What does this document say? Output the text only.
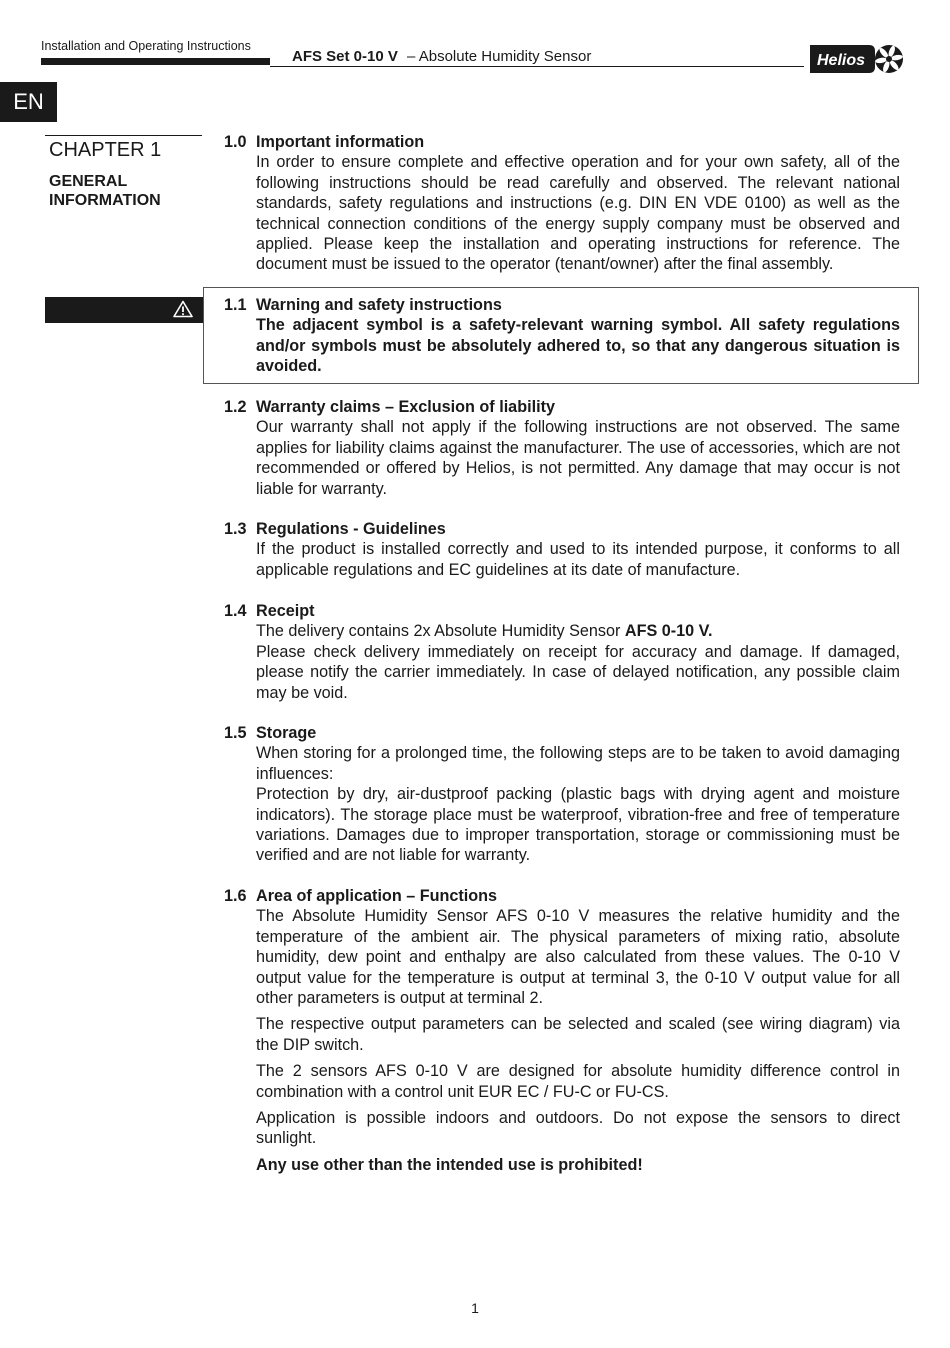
Installation and Operating Instructions
AFS Set 0-10 V – Absolute Humidity Sensor	Helios
EN
CHAPTER 1
GENERAL INFORMATION
1.0 Important information

In order to ensure complete and effective operation and for your own safety, all of the following instructions should be read carefully and observed. The relevant national standards, safety regulations and instructions (e.g. DIN EN VDE 0100) as well as the technical connection conditions of the energy supply company must be observed and applied. Please keep the installation and operating instructions for reference. The document must be issued to the operator (tenant/owner) after the final assembly.

1.1 Warning and safety instructions

The adjacent symbol is a safety-relevant warning symbol. All safety regulations and/or symbols must be absolutely adhered to, so that any dangerous situation is avoided.

1.2 Warranty claims – Exclusion of liability

Our warranty shall not apply if the following instructions are not observed. The same applies for liability claims against the manufacturer. The use of accessories, which are not recommended or offered by Helios, is not permitted. Any damage that may occur is not liable for warranty.

1.3 Regulations - Guidelines

If the product is installed correctly and used to its intended purpose, it conforms to all applicable regulations and EC guidelines at its date of manufacture.

1.4 Receipt

The delivery contains 2x Absolute Humidity Sensor AFS 0-10 V.

Please check delivery immediately on receipt for accuracy and damage. If damaged, please notify the carrier immediately. In case of delayed notification, any possible claim may be void.

1.5 Storage

When storing for a prolonged time, the following steps are to be taken to avoid damaging influences:

Protection by dry, air-dustproof packing (plastic bags with drying agent and moisture indicators). The storage place must be waterproof, vibration-free and free of temperature variations. Damages due to improper transportation, storage or commissioning must be verified and are not liable for warranty.

1.6 Area of application – Functions

The Absolute Humidity Sensor AFS 0-10 V measures the relative humidity and the temperature of the ambient air. The physical parameters of mixing ratio, absolute humidity, dew point and enthalpy are also calculated from these values. The 0-10 V output value for the temperature is output at terminal 3, the 0-10 V output value for all other parameters is output at terminal 2.

The respective output parameters can be selected and scaled (see wiring diagram) via the DIP switch.

The 2 sensors AFS 0-10 V are designed for absolute humidity difference control in combination with a control unit EUR EC / FU-C or FU-CS.

Application is possible indoors and outdoors. Do not expose the sensors to direct sunlight.

Any use other than the intended use is prohibited!

1
